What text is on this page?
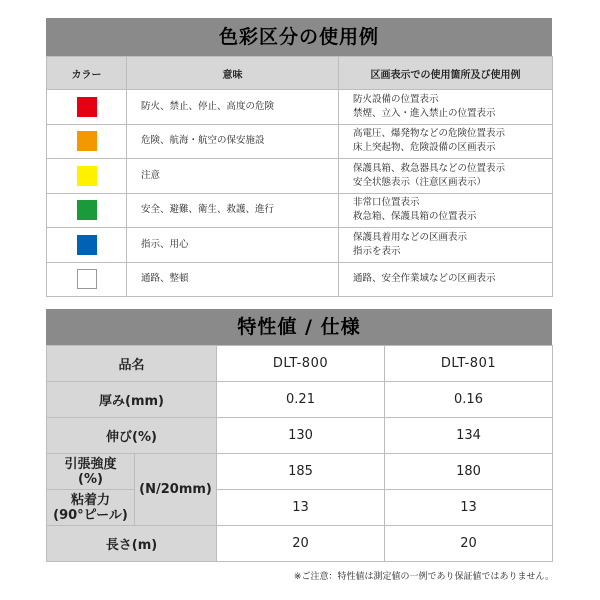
色彩区分の使用例
カラー	意味	区画表示での使用箇所及び使用例
	防火、禁止、停止、高度の危険	防火設備の位置表示
禁煙、立入・進入禁止の位置表示

	危険、航海・航空の保安施設	高電圧、爆発物などの危険位置表示
床上突起物、危険設備の区画表示

	注意	保護具箱、救急器具などの位置表示
安全状態表示（注意区画表示）

	安全、避難、衛生、救護、進行	非常口位置表示
救急箱、保護具箱の位置表示

	指示、用心	保護具着用などの区画表示
指示を表示

	通路、整頓	通路、安全作業域などの区画表示
特性値 / 仕様
品名		DLT-800	DLT-801
厚み(mm)		0.21	0.16
伸び(%)		130	134

引張強度
(%)	(N/20mm)	185	180

粘着力
(90°ピール)		13	13
長さ(m)		20	20
※ご注意：特性値は測定値の一例であり保証値ではありません。
